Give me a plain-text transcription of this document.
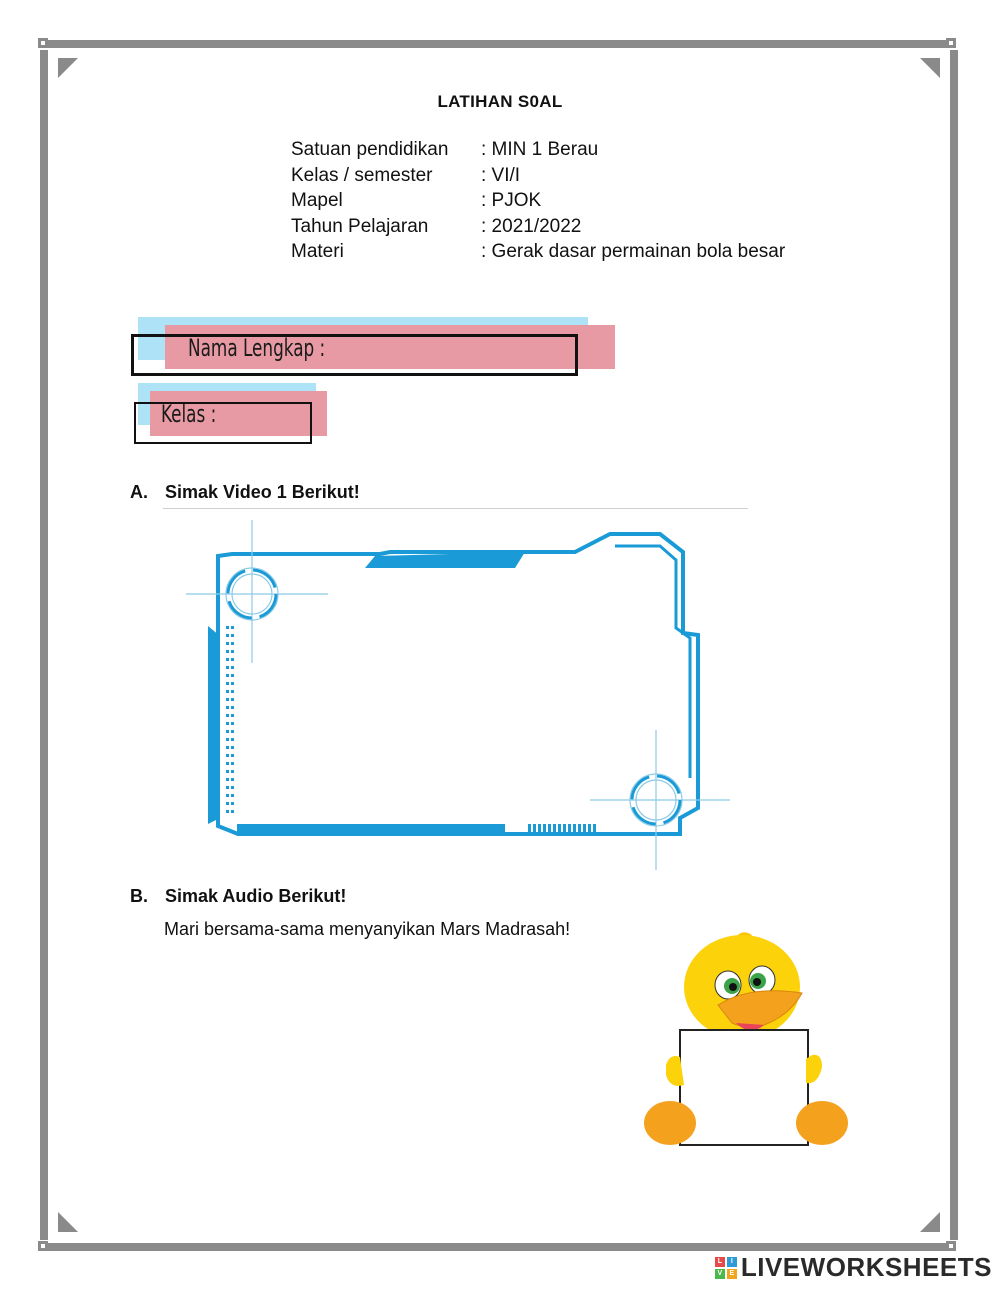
LATIHAN S0AL
Satuan pendidikan	: MIN 1 Berau
Kelas / semester	: VI/I
Mapel	: PJOK
Tahun Pelajaran	: 2021/2022
Materi	: Gerak dasar permainan bola besar
Nama Lengkap :
Kelas :
A. Simak Video 1 Berikut!
B. Simak Audio Berikut!
Mari bersama-sama menyanyikan Mars Madrasah!
L	I
V	E LIVEWORKSHEETS
